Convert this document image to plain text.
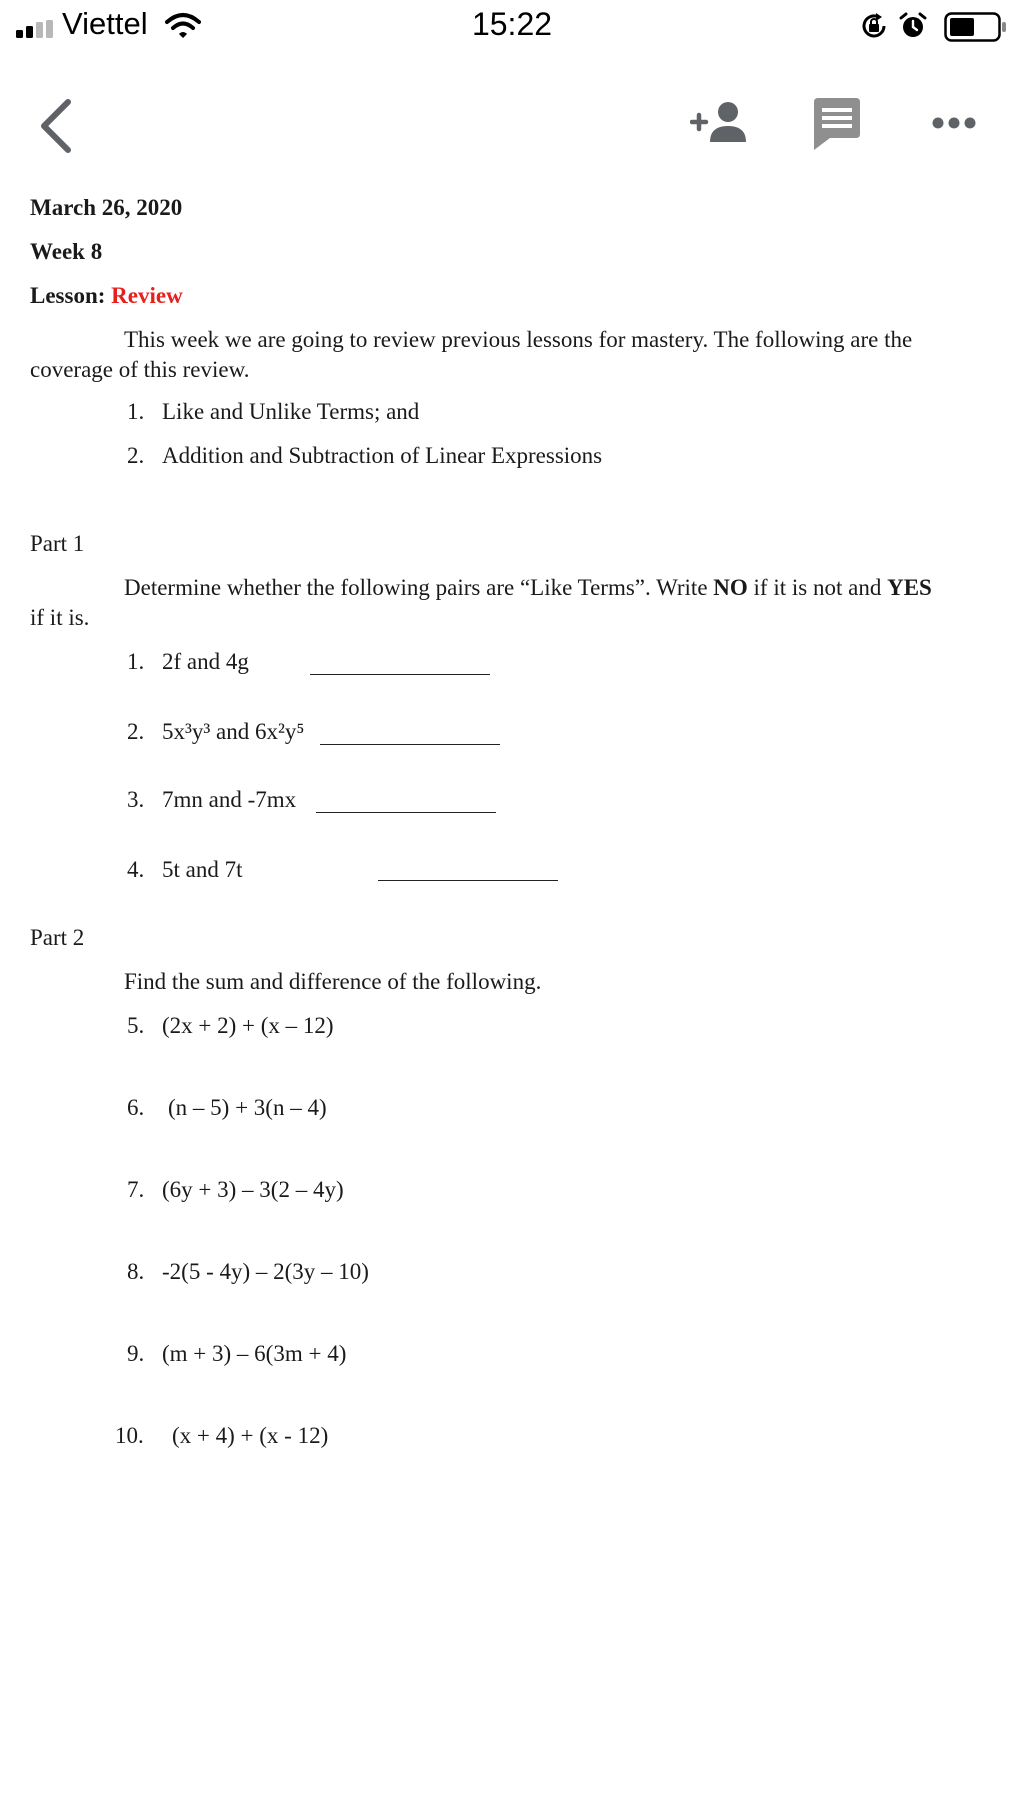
Viettel	15:22
March 26, 2020
Week 8
Lesson: Review
This week we are going to review previous lessons for mastery. The following are the
coverage of this review.
1. Like and Unlike Terms; and
2. Addition and Subtraction of Linear Expressions
Part 1
Determine whether the following pairs are “Like Terms”. Write NO if it is not and YES
if it is.
1. 2f and 4g
2. 5x³y³ and 6x²y⁵
3. 7mn and -7mx
4. 5t and 7t
Part 2
Find the sum and difference of the following.
5. (2x + 2) + (x – 12)
6. (n – 5) + 3(n – 4)
7. (6y + 3) – 3(2 – 4y)
8. -2(5 - 4y) – 2(3y – 10)
9. (m + 3) – 6(3m + 4)
10. (x + 4) + (x - 12)
